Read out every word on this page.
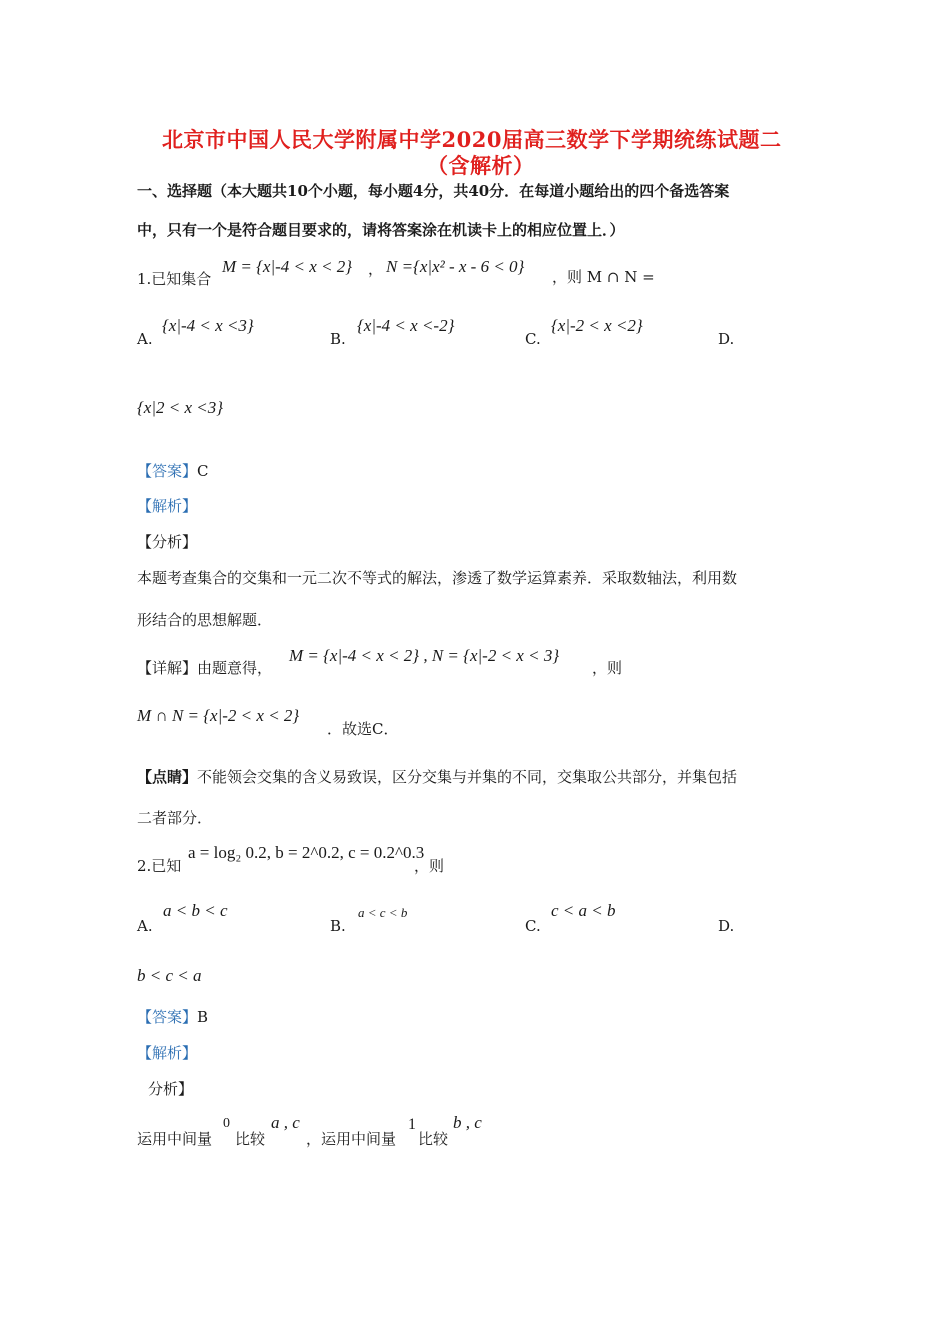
北京市中国人民大学附属中学2020届高三数学下学期统练试题二
（含解析）
一、选择题（本大题共10个小题，每小题4分，共40分．在每道小题给出的四个备选答案
中，只有一个是符合题目要求的，请将答案涂在机读卡上的相应位置上．）
1.已知集合
M = {x|-4 < x < 2} ， N ={x|x² - x - 6 < 0}
，则 M ∩ N =
A.
{x|-4 < x <3}
B.
{x|-4 < x <-2}
C.
{x|-2 < x <2}
D.
{x|2 < x <3}
【答案】C
【解析】
【分析】
本题考查集合的交集和一元二次不等式的解法，渗透了数学运算素养．采取数轴法，利用数
形结合的思想解题．
【详解】由题意得，
M = {x|-4 < x < 2} , N = {x|-2 < x < 3}
，则
M ∩ N = {x|-2 < x < 2}
．故选C．
【点睛】不能领会交集的含义易致误，区分交集与并集的不同，交集取公共部分，并集包括
二者部分．
2.已知
a = log₂ 0.2, b = 2^0.2, c = 0.2^0.3
，则
A.
a < b < c
B.
a < c < b
C.
c < a < b
D.
b < c < a
【答案】B
【解析】
分析】
运用中间量
0
比较
a , c
，运用中间量
1
比较
b , c
